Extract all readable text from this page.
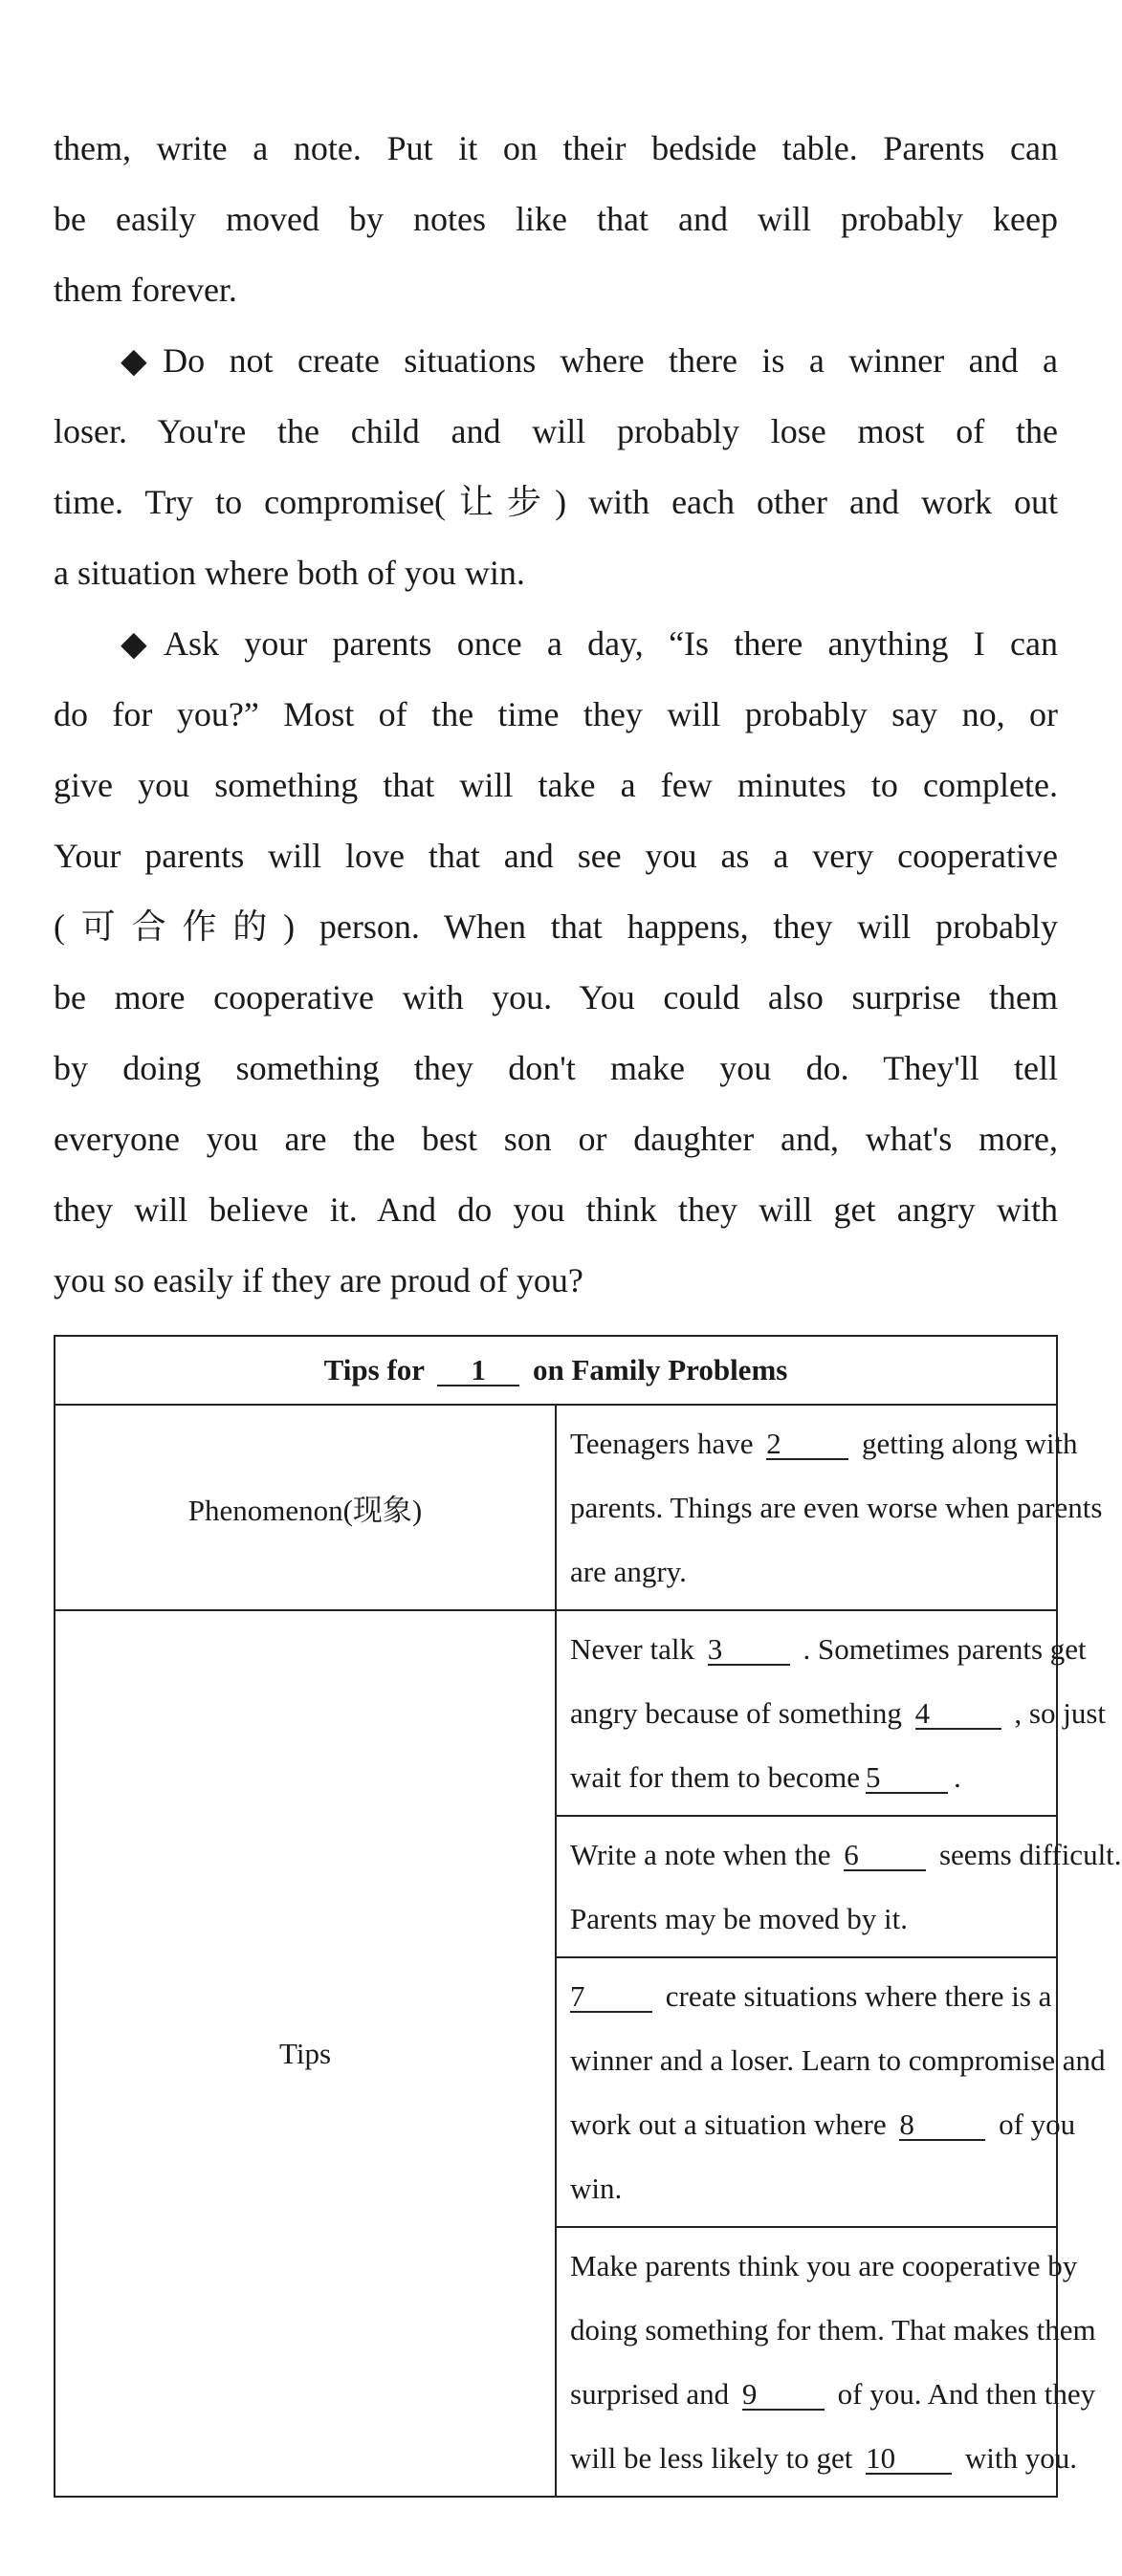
them, write a note. Put it on their bedside table. Parents can
be easily moved by notes like that and will probably keep
them forever.
◆Do not create situations where there is a winner and a
loser. You're the child and will probably lose most of the
time. Try to compromise(让步) with each other and work out
a situation where both of you win.
◆Ask your parents once a day, “Is there anything I can
do for you?” Most of the time they will probably say no, or
give you something that will take a few minutes to complete.
Your parents will love that and see you as a very cooperative
(可合作的) person. When that happens, they will probably
be more cooperative with you. You could also surprise them
by doing something they don't make you do. They'll tell
everyone you are the best son or daughter and, what's more,
they will believe it. And do you think they will get angry with
you so easily if they are proud of you?
Tips for 1 on Family Problems	
Phenomenon(现象)	Teenagers have 2 getting along with
parents. Things are even worse when parents
are angry.

Tips	Never talk 3 . Sometimes parents get
angry because of something 4 , so just
wait for them to become 5 .

	Write a note when the 6 seems difficult.
Parents may be moved by it.

	7 create situations where there is a
winner and a loser. Learn to compromise and
work out a situation where 8 of you
win.

	Make parents think you are cooperative by
doing something for them. That makes them
surprised and 9 of you. And then they
will be less likely to get 10 with you.
